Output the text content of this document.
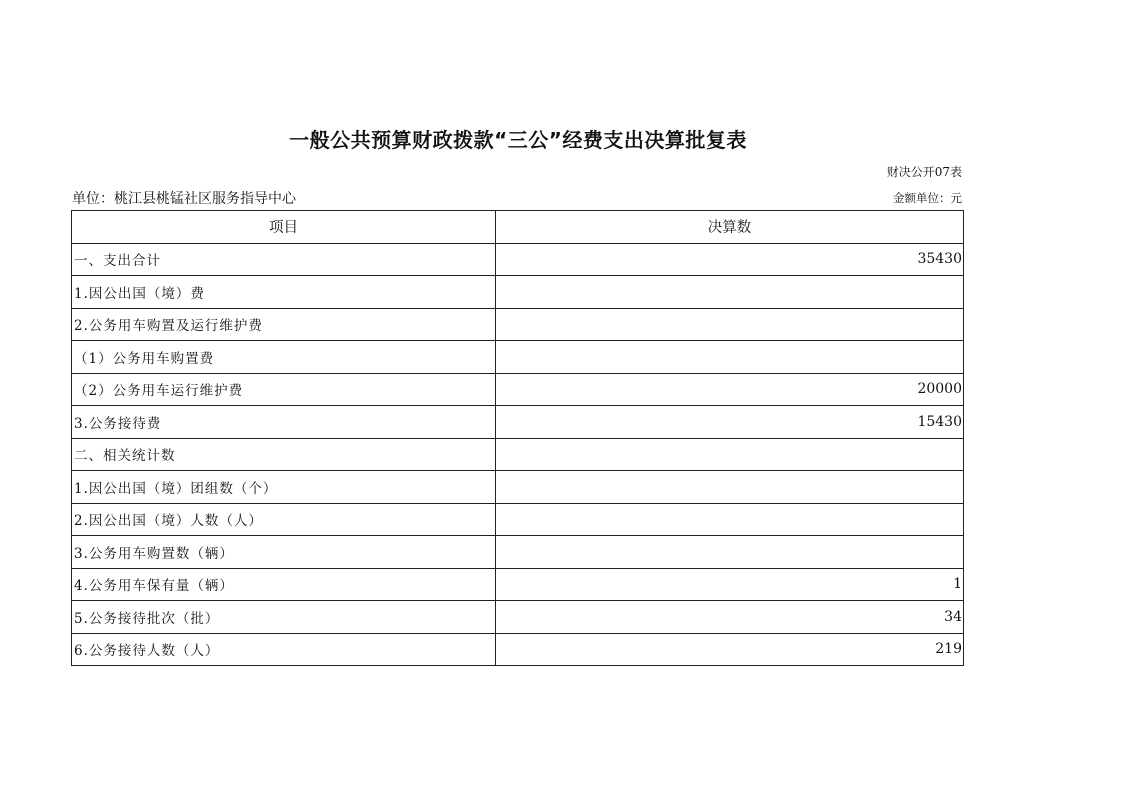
一般公共预算财政拨款“三公”经费支出决算批复表
财决公开07表
单位：桃江县桃锰社区服务指导中心	金额单位：元
项目	决算数
一、支出合计	35430
1.因公出国（境）费	
2.公务用车购置及运行维护费	
（1）公务用车购置费	
（2）公务用车运行维护费	20000
3.公务接待费	15430
二、相关统计数	
1.因公出国（境）团组数（个）	
2.因公出国（境）人数（人）	
3.公务用车购置数（辆）	
4.公务用车保有量（辆）	1
5.公务接待批次（批）	34
6.公务接待人数（人）	219
